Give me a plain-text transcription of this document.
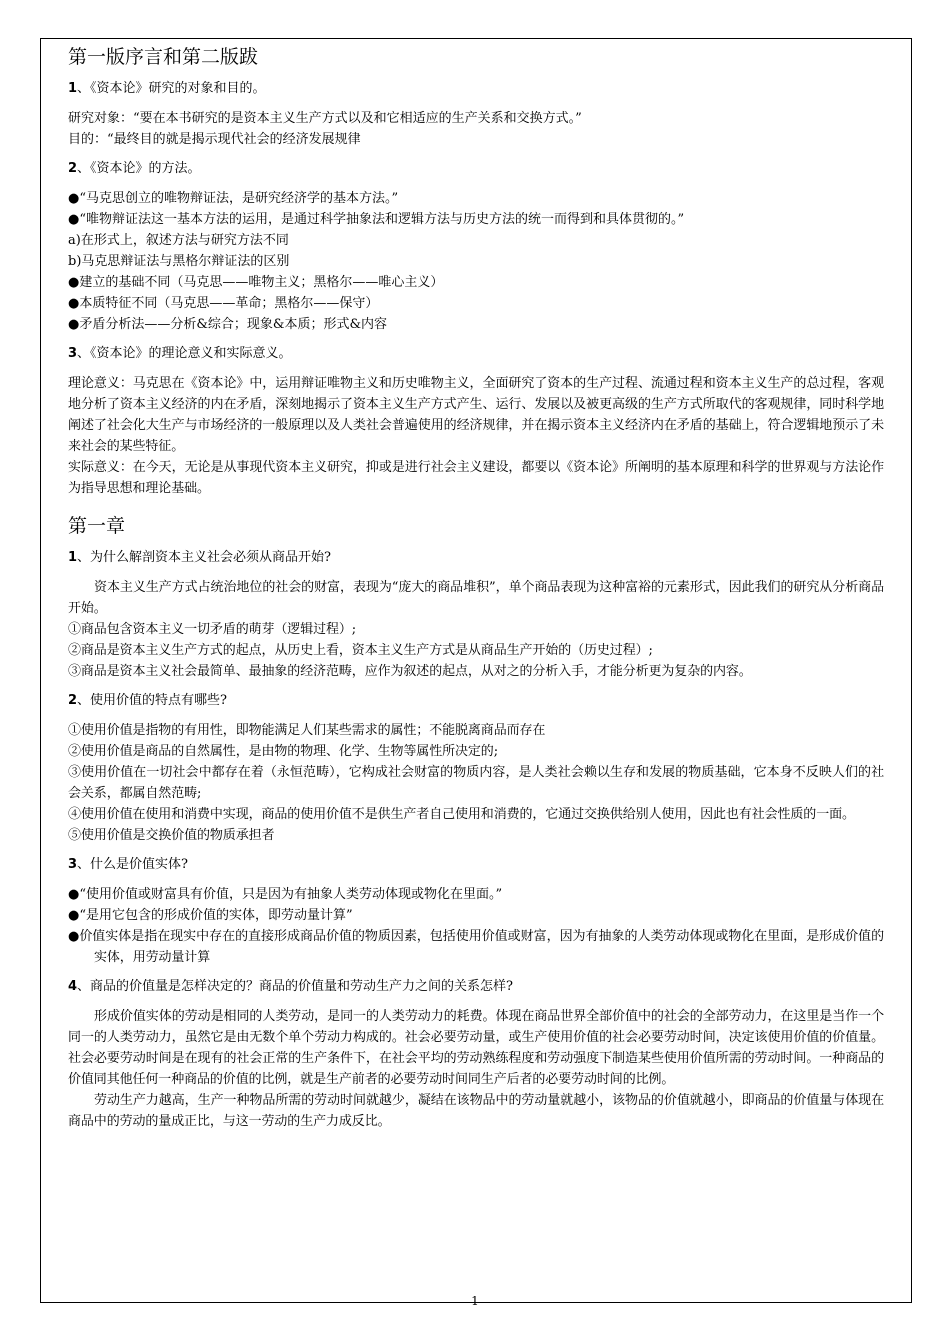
第一版序言和第二版跋
1、《资本论》研究的对象和目的。

研究对象：“要在本书研究的是资本主义生产方式以及和它相适应的生产关系和交换方式。”

目的：“最终目的就是揭示现代社会的经济发展规律

2、《资本论》的方法。

●“马克思创立的唯物辩证法，是研究经济学的基本方法。”

●“唯物辩证法这一基本方法的运用，是通过科学抽象法和逻辑方法与历史方法的统一而得到和具体贯彻的。”

a)在形式上，叙述方法与研究方法不同

b)马克思辩证法与黑格尔辩证法的区别

●建立的基础不同（马克思——唯物主义；黑格尔——唯心主义）

●本质特征不同（马克思——革命；黑格尔——保守）

●矛盾分析法——分析&综合；现象&本质；形式&内容

3、《资本论》的理论意义和实际意义。

理论意义：马克思在《资本论》中，运用辩证唯物主义和历史唯物主义，全面研究了资本的生产过程、流通过程和资本主义生产的总过程，客观地分析了资本主义经济的内在矛盾，深刻地揭示了资本主义生产方式产生、运行、发展以及被更高级的生产方式所取代的客观规律，同时科学地阐述了社会化大生产与市场经济的一般原理以及人类社会普遍使用的经济规律，并在揭示资本主义经济内在矛盾的基础上，符合逻辑地预示了未来社会的某些特征。

实际意义：在今天，无论是从事现代资本主义研究，抑或是进行社会主义建设，都要以《资本论》所阐明的基本原理和科学的世界观与方法论作为指导思想和理论基础。

第一章
1、为什么解剖资本主义社会必须从商品开始?

资本主义生产方式占统治地位的社会的财富，表现为“庞大的商品堆积”，单个商品表现为这种富裕的元素形式，因此我们的研究从分析商品开始。

①商品包含资本主义一切矛盾的萌芽（逻辑过程）;

②商品是资本主义生产方式的起点，从历史上看，资本主义生产方式是从商品生产开始的（历史过程）;

③商品是资本主义社会最简单、最抽象的经济范畴，应作为叙述的起点，从对之的分析入手，才能分析更为复杂的内容。

2、使用价值的特点有哪些?

①使用价值是指物的有用性，即物能满足人们某些需求的属性；不能脱离商品而存在

②使用价值是商品的自然属性，是由物的物理、化学、生物等属性所决定的;

③使用价值在一切社会中都存在着（永恒范畴），它构成社会财富的物质内容，是人类社会赖以生存和发展的物质基础，它本身不反映人们的社会关系，都属自然范畴;

④使用价值在使用和消费中实现，商品的使用价值不是供生产者自己使用和消费的，它通过交换供给别人使用，因此也有社会性质的一面。

⑤使用价值是交换价值的物质承担者

3、什么是价值实体?

●“使用价值或财富具有价值，只是因为有抽象人类劳动体现或物化在里面。”

●“是用它包含的形成价值的实体，即劳动量计算”

●价值实体是指在现实中存在的直接形成商品价值的物质因素，包括使用价值或财富，因为有抽象的人类劳动体现或物化在里面，是形成价值的实体，用劳动量计算

4、商品的价值量是怎样决定的？商品的价值量和劳动生产力之间的关系怎样?

形成价值实体的劳动是相同的人类劳动，是同一的人类劳动力的耗费。体现在商品世界全部价值中的社会的全部劳动力，在这里是当作一个同一的人类劳动力，虽然它是由无数个单个劳动力构成的。社会必要劳动量，或生产使用价值的社会必要劳动时间，决定该使用价值的价值量。社会必要劳动时间是在现有的社会正常的生产条件下，在社会平均的劳动熟练程度和劳动强度下制造某些使用价值所需的劳动时间。一种商品的价值同其他任何一种商品的价值的比例，就是生产前者的必要劳动时间同生产后者的必要劳动时间的比例。

劳动生产力越高，生产一种物品所需的劳动时间就越少，凝结在该物品中的劳动量就越小，该物品的价值就越小，即商品的价值量与体现在商品中的劳动的量成正比，与这一劳动的生产力成反比。

1
